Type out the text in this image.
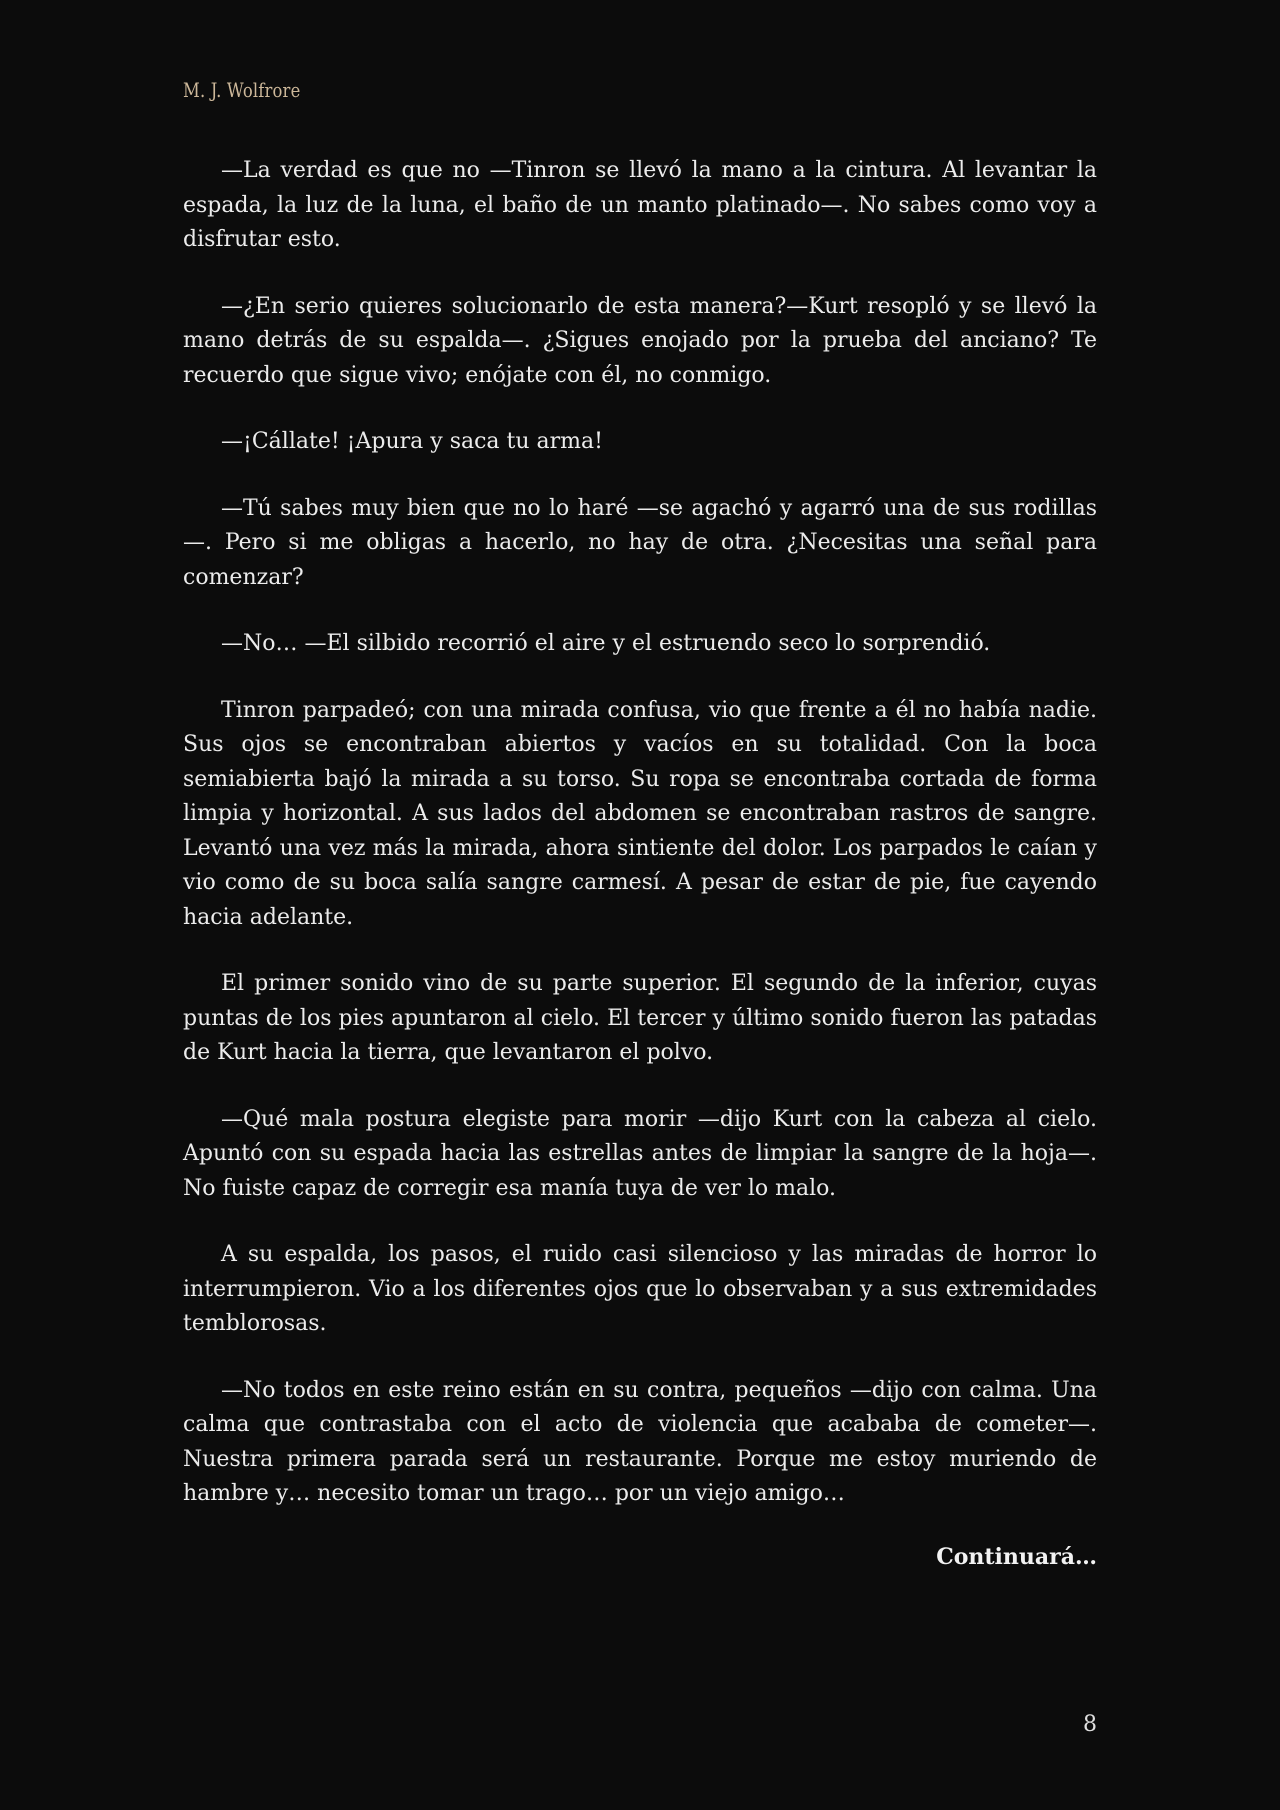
M. J. Wolfrore

—La verdad es que no —Tinron se llevó la mano a la cintura. Al levantar la espada, la luz de la luna, el baño de un manto platinado—. No sabes como voy a disfrutar esto.

—¿En serio quieres solucionarlo de esta manera?—Kurt resopló y se llevó la mano detrás de su espalda—. ¿Sigues enojado por la prueba del anciano? Te recuerdo que sigue vivo; enójate con él, no conmigo.

—¡Cállate! ¡Apura y saca tu arma!

—Tú sabes muy bien que no lo haré —se agachó y agarró una de sus rodillas—. Pero si me obligas a hacerlo, no hay de otra. ¿Necesitas una señal para comenzar?

—No… —El silbido recorrió el aire y el estruendo seco lo sorprendió.

Tinron parpadeó; con una mirada confusa, vio que frente a él no había nadie. Sus ojos se encontraban abiertos y vacíos en su totalidad. Con la boca semiabierta bajó la mirada a su torso. Su ropa se encontraba cortada de forma limpia y horizontal. A sus lados del abdomen se encontraban rastros de sangre. Levantó una vez más la mirada, ahora sintiente del dolor. Los parpados le caían y vio como de su boca salía sangre carmesí. A pesar de estar de pie, fue cayendo hacia adelante.

El primer sonido vino de su parte superior. El segundo de la inferior, cuyas puntas de los pies apuntaron al cielo. El tercer y último sonido fueron las patadas de Kurt hacia la tierra, que levantaron el polvo.

—Qué mala postura elegiste para morir —dijo Kurt con la cabeza al cielo. Apuntó con su espada hacia las estrellas antes de limpiar la sangre de la hoja—. No fuiste capaz de corregir esa manía tuya de ver lo malo.

A su espalda, los pasos, el ruido casi silencioso y las miradas de horror lo interrumpieron. Vio a los diferentes ojos que lo observaban y a sus extremidades temblorosas.

—No todos en este reino están en su contra, pequeños —dijo con calma. Una calma que contrastaba con el acto de violencia que acababa de cometer—. Nuestra primera parada será un restaurante. Porque me estoy muriendo de hambre y… necesito tomar un trago… por un viejo amigo…

Continuará…

8
